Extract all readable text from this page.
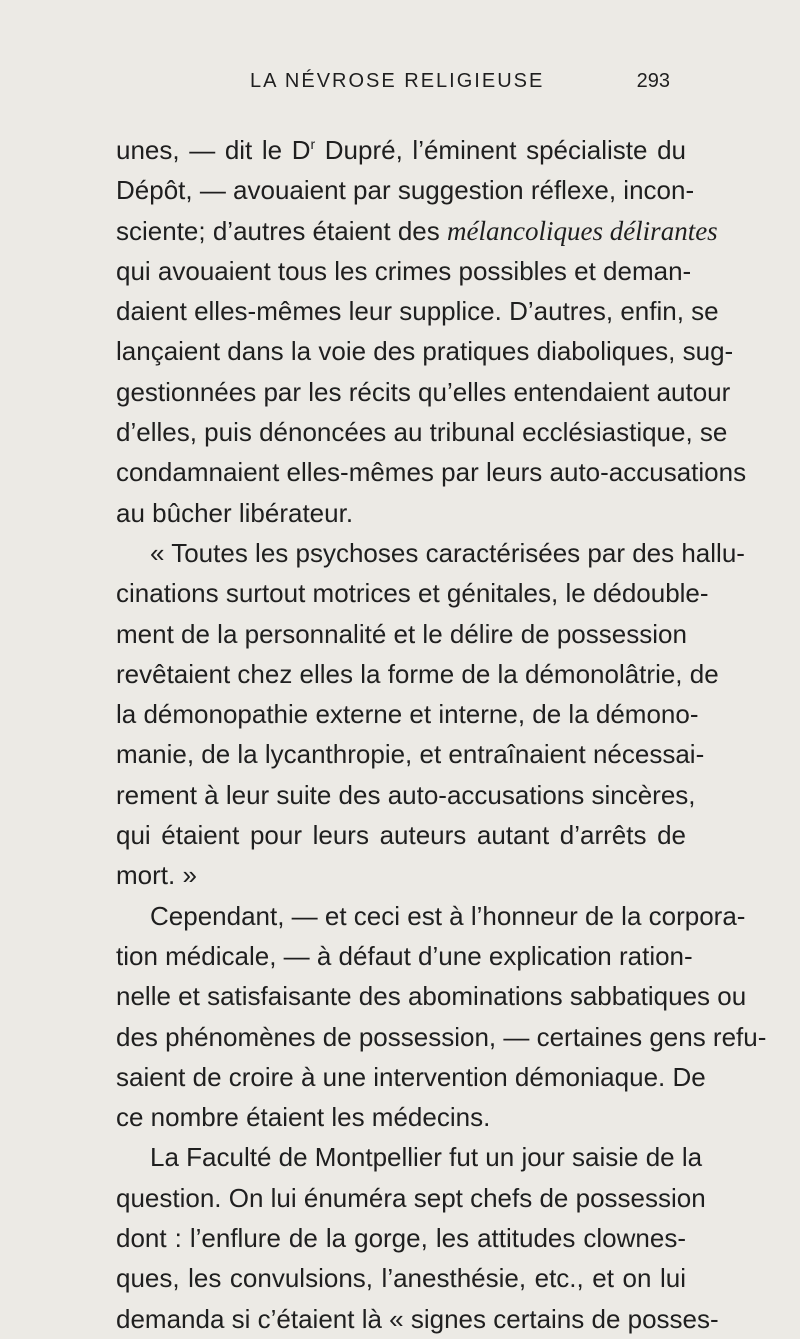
LA NÉVROSE RELIGIEUSE	293
unes, — dit le $D^r$ Dupré, l’éminent spécialiste du
Dépôt, — avouaient par suggestion réflexe, incon-
sciente; d’autres étaient des mélancoliques délirantes
qui avouaient tous les crimes possibles et deman-
daient elles-mêmes leur supplice. D’autres, enfin, se
lançaient dans la voie des pratiques diaboliques, sug-
gestionnées par les récits qu’elles entendaient autour
d’elles, puis dénoncées au tribunal ecclésiastique, se
condamnaient elles-mêmes par leurs auto-accusations
au bûcher libérateur.
« Toutes les psychoses caractérisées par des hallu-
cinations surtout motrices et génitales, le dédouble-
ment de la personnalité et le délire de possession
revêtaient chez elles la forme de la démonolâtrie, de
la démonopathie externe et interne, de la démono-
manie, de la lycanthropie, et entraînaient nécessai-
rement à leur suite des auto-accusations sincères,
qui étaient pour leurs auteurs autant d’arrêts de
mort. »
Cependant, — et ceci est à l’honneur de la corpora-
tion médicale, — à défaut d’une explication ration-
nelle et satisfaisante des abominations sabbatiques ou
des phénomènes de possession, — certaines gens refu-
saient de croire à une intervention démoniaque. De
ce nombre étaient les médecins.
La Faculté de Montpellier fut un jour saisie de la
question. On lui énuméra sept chefs de possession
dont : l’enflure de la gorge, les attitudes clownes-
ques, les convulsions, l’anesthésie, etc., et on lui
demanda si c’étaient là « signes certains de posses-
